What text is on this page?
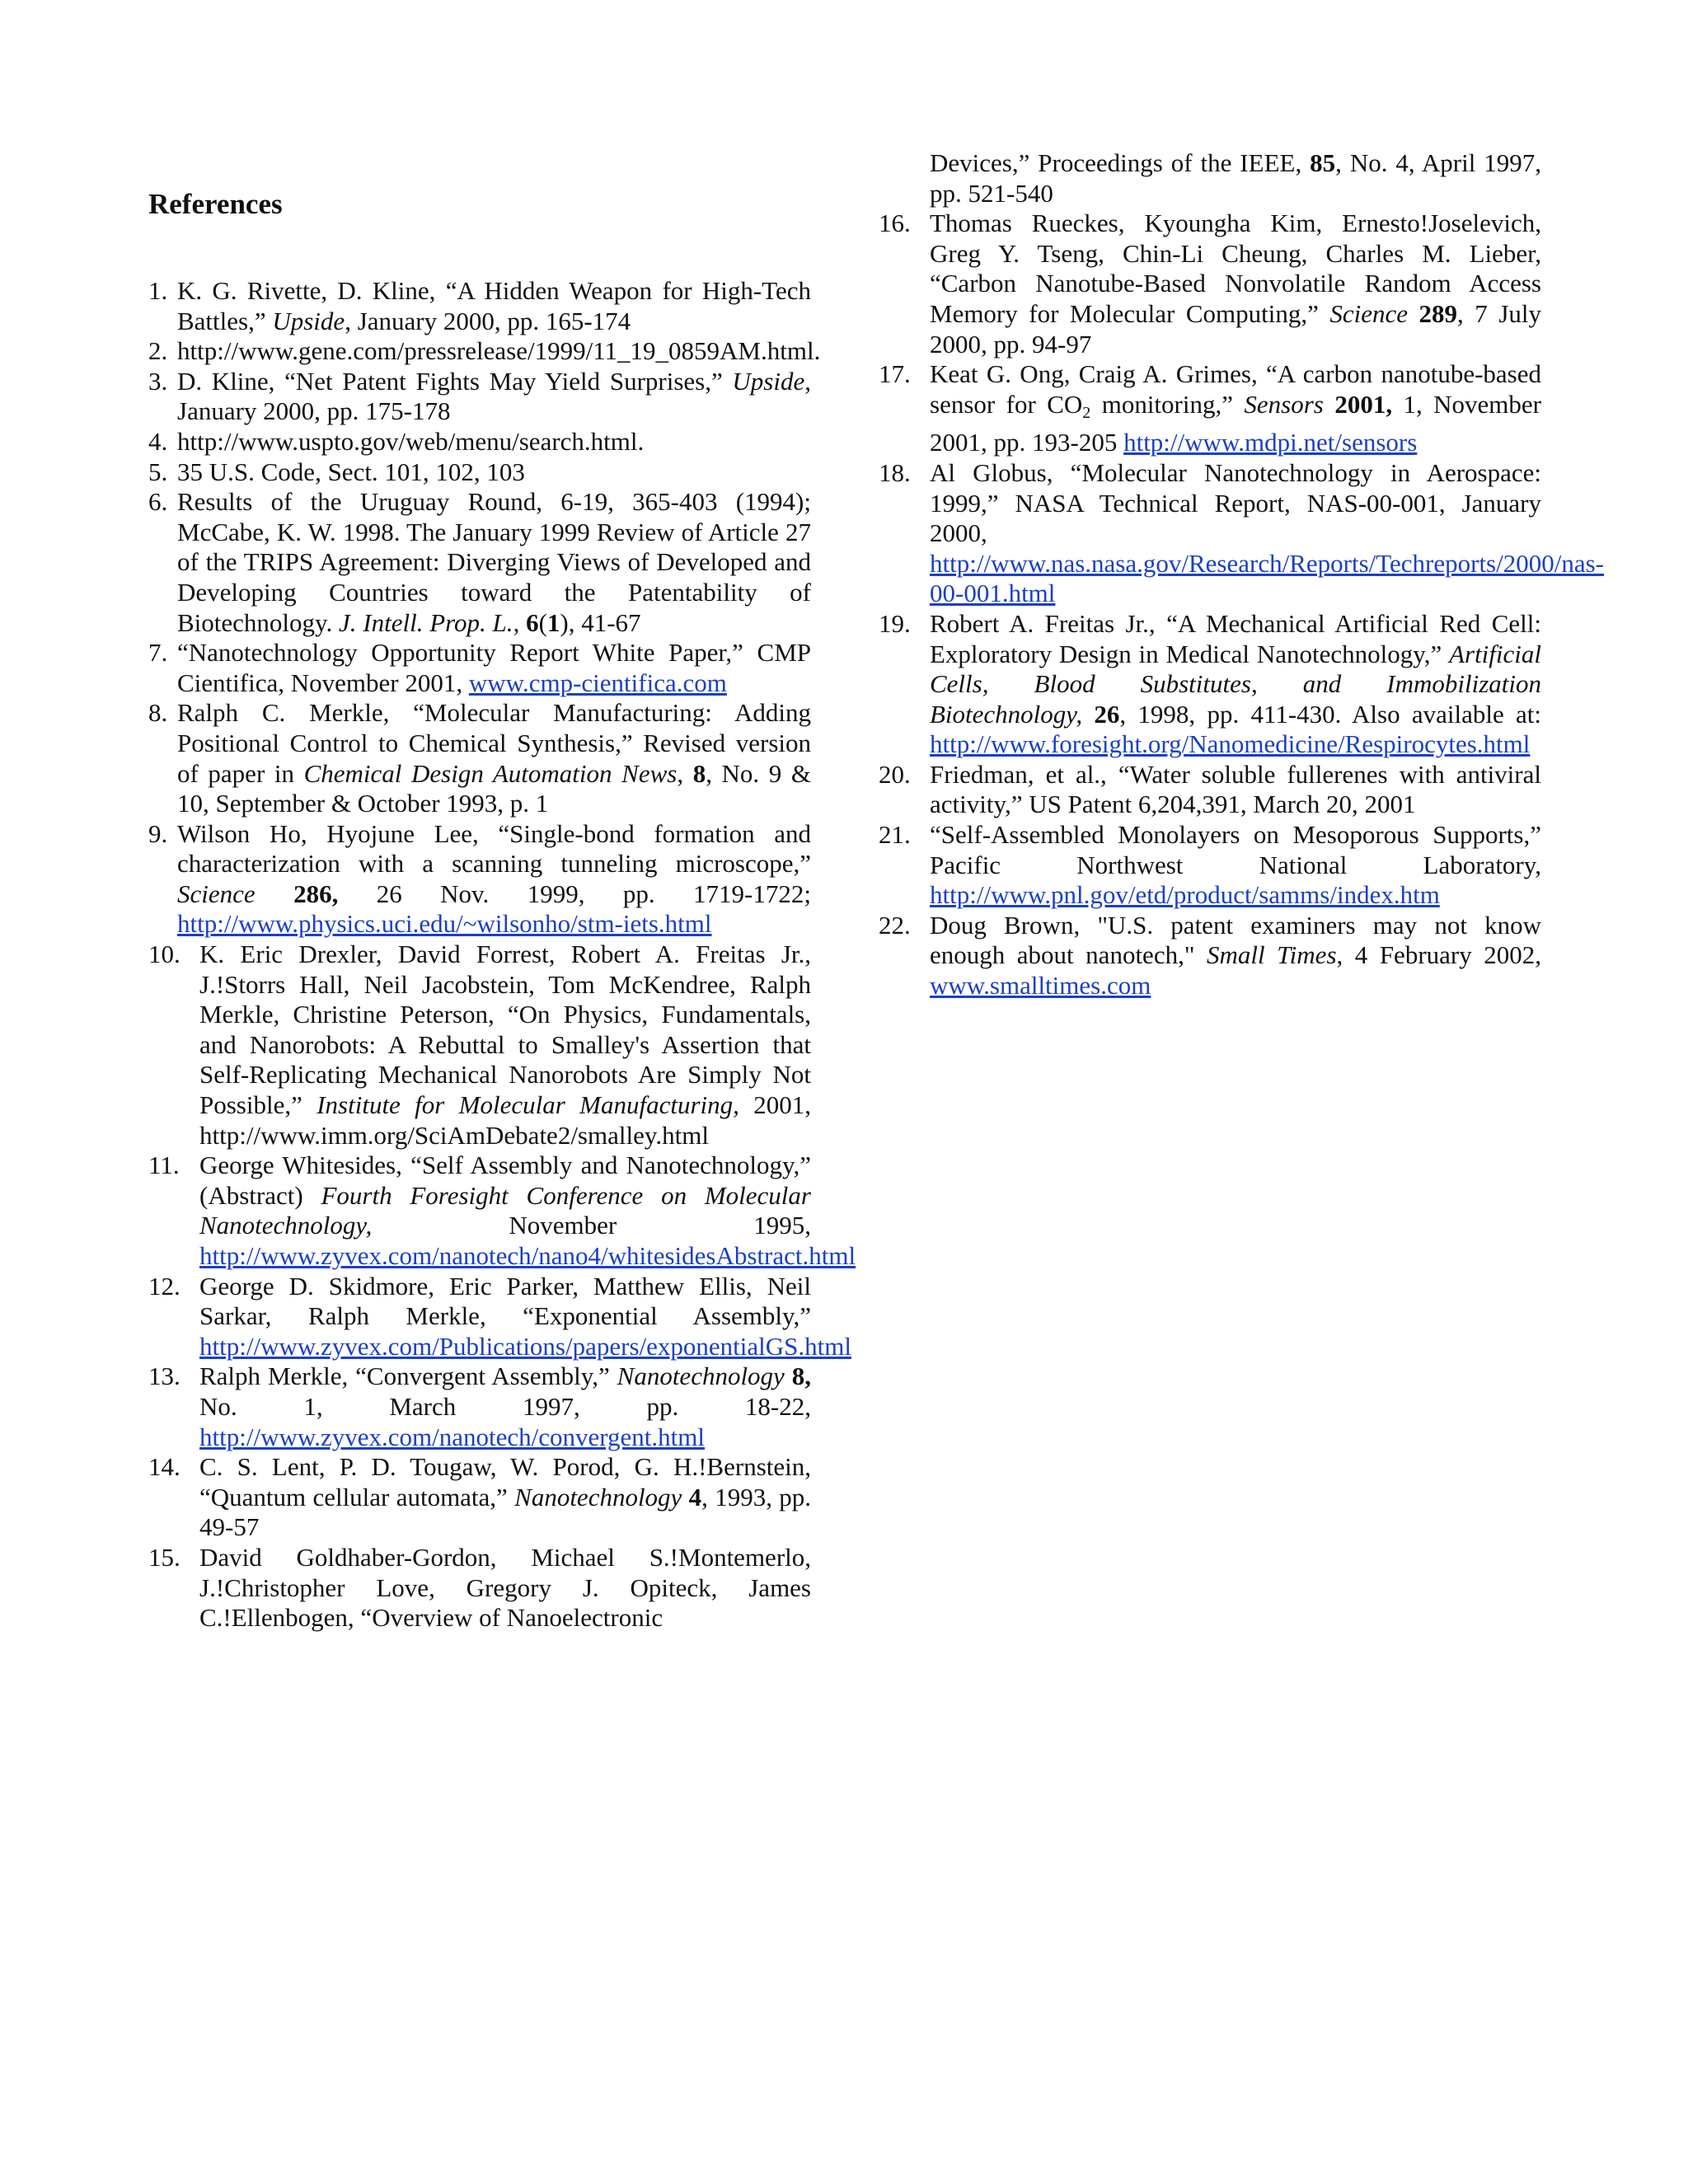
References

1. K. G. Rivette, D. Kline, “A Hidden Weapon for High-Tech Battles,” Upside, January 2000, pp. 165-174

2. http://www.gene.com/pressrelease/1999/11_19_0859AM.html.

3. D. Kline, “Net Patent Fights May Yield Surprises,” Upside, January 2000, pp. 175-178

4. http://www.uspto.gov/web/menu/search.html.

5. 35 U.S. Code, Sect. 101, 102, 103

6. Results of the Uruguay Round, 6-19, 365-403 (1994); McCabe, K. W. 1998. The January 1999 Review of Article 27 of the TRIPS Agreement: Diverging Views of Developed and Developing Countries toward the Patentability of Biotechnology. J. Intell. Prop. L., 6(1), 41-67

7. “Nanotechnology Opportunity Report White Paper,” CMP Cientifica, November 2001, www.cmp-cientifica.com

8. Ralph C. Merkle, “Molecular Manufacturing: Adding Positional Control to Chemical Synthesis,” Revised version of paper in Chemical Design Automation News, 8, No. 9 & 10, September & October 1993, p. 1

9. Wilson Ho, Hyojune Lee, “Single-bond formation and characterization with a scanning tunneling microscope,” Science 286, 26 Nov. 1999, pp. 1719-1722; http://www.physics.uci.edu/~wilsonho/stm-iets.html

10. K. Eric Drexler, David Forrest, Robert A. Freitas Jr., J.!Storrs Hall, Neil Jacobstein, Tom McKendree, Ralph Merkle, Christine Peterson, “On Physics, Fundamentals, and Nanorobots: A Rebuttal to Smalley's Assertion that Self-Replicating Mechanical Nanorobots Are Simply Not Possible,” Institute for Molecular Manufacturing, 2001, http://www.imm.org/SciAmDebate2/smalley.html

11. George Whitesides, “Self Assembly and Nanotechnology,” (Abstract) Fourth Foresight Conference on Molecular Nanotechnology, November 1995, http://www.zyvex.com/nanotech/nano4/whitesidesAbstract.html

12. George D. Skidmore, Eric Parker, Matthew Ellis, Neil Sarkar, Ralph Merkle, “Exponential Assembly,” http://www.zyvex.com/Publications/papers/exponentialGS.html

13. Ralph Merkle, “Convergent Assembly,” Nanotechnology 8, No. 1, March 1997, pp. 18-22, http://www.zyvex.com/nanotech/convergent.html

14. C. S. Lent, P. D. Tougaw, W. Porod, G. H.!Bernstein, “Quantum cellular automata,” Nanotechnology 4, 1993, pp. 49-57

15. David Goldhaber-Gordon, Michael S.!Montemerlo, J.!Christopher Love, Gregory J. Opiteck, James C.!Ellenbogen, “Overview of Nanoelectronic

Devices,” Proceedings of the IEEE, 85, No. 4, April 1997, pp. 521-540

16. Thomas Rueckes, Kyoungha Kim, Ernesto!Joselevich, Greg Y. Tseng, Chin-Li Cheung, Charles M. Lieber, “Carbon Nanotube-Based Nonvolatile Random Access Memory for Molecular Computing,” Science 289, 7 July 2000, pp. 94-97

17. Keat G. Ong, Craig A. Grimes, “A carbon nanotube-based sensor for CO2 monitoring,” Sensors 2001, 1, November 2001, pp. 193-205 http://www.mdpi.net/sensors

18. Al Globus, “Molecular Nanotechnology in Aerospace: 1999,” NASA Technical Report, NAS-00-001, January 2000, http://www.nas.nasa.gov/Research/Reports/Techreports/2000/nas-00-001.html

19. Robert A. Freitas Jr., “A Mechanical Artificial Red Cell: Exploratory Design in Medical Nanotechnology,” Artificial Cells, Blood Substitutes, and Immobilization Biotechnology, 26, 1998, pp. 411-430. Also available at: http://www.foresight.org/Nanomedicine/Respirocytes.html

20. Friedman, et al., “Water soluble fullerenes with antiviral activity,” US Patent 6,204,391, March 20, 2001

21. “Self-Assembled Monolayers on Mesoporous Supports,” Pacific Northwest National Laboratory, http://www.pnl.gov/etd/product/samms/index.htm

22. Doug Brown, "U.S. patent examiners may not know enough about nanotech," Small Times, 4 February 2002, www.smalltimes.com
